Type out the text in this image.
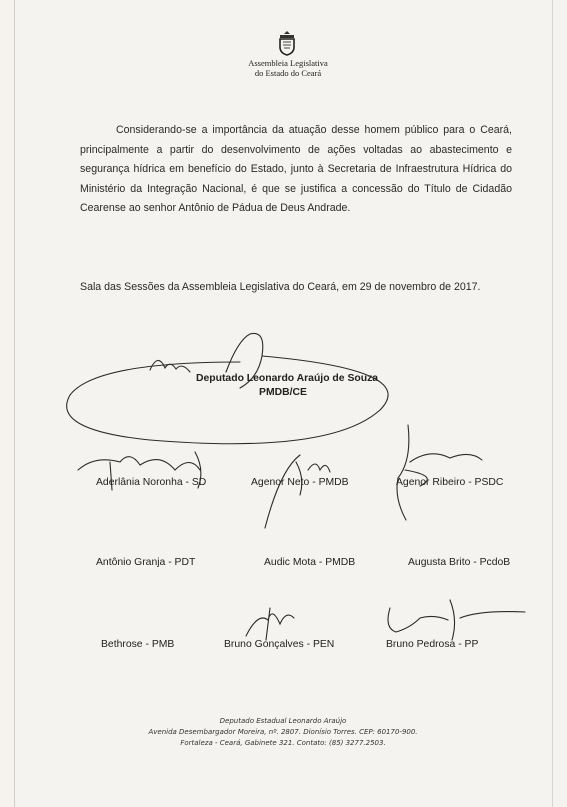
Assembleia Legislativa
do Estado do Ceará
Considerando-se a importância da atuação desse homem público para o Ceará, principalmente a partir do desenvolvimento de ações voltadas ao abastecimento e segurança hídrica em benefício do Estado, junto à Secretaria de Infraestrutura Hídrica do Ministério da Integração Nacional, é que se justifica a concessão do Título de Cidadão Cearense ao senhor Antônio de Pádua de Deus Andrade.
Sala das Sessões da Assembleia Legislativa do Ceará, em 29 de novembro de 2017.
Deputado Leonardo Araújo de Souza
PMDB/CE
Aderlânia Noronha - SD	Agenor Neto - PMDB	Agenor Ribeiro - PSDC
Antônio Granja - PDT	Audic Mota - PMDB	Augusta Brito - PcdoB
Bethrose - PMB	Bruno Gonçalves - PEN	Bruno Pedrosa - PP
Deputado Estadual Leonardo Araújo
Avenida Desembargador Moreira, nº. 2807. Dionísio Torres. CEP: 60170-900.
Fortaleza - Ceará, Gabinete 321. Contato: (85) 3277.2503.
